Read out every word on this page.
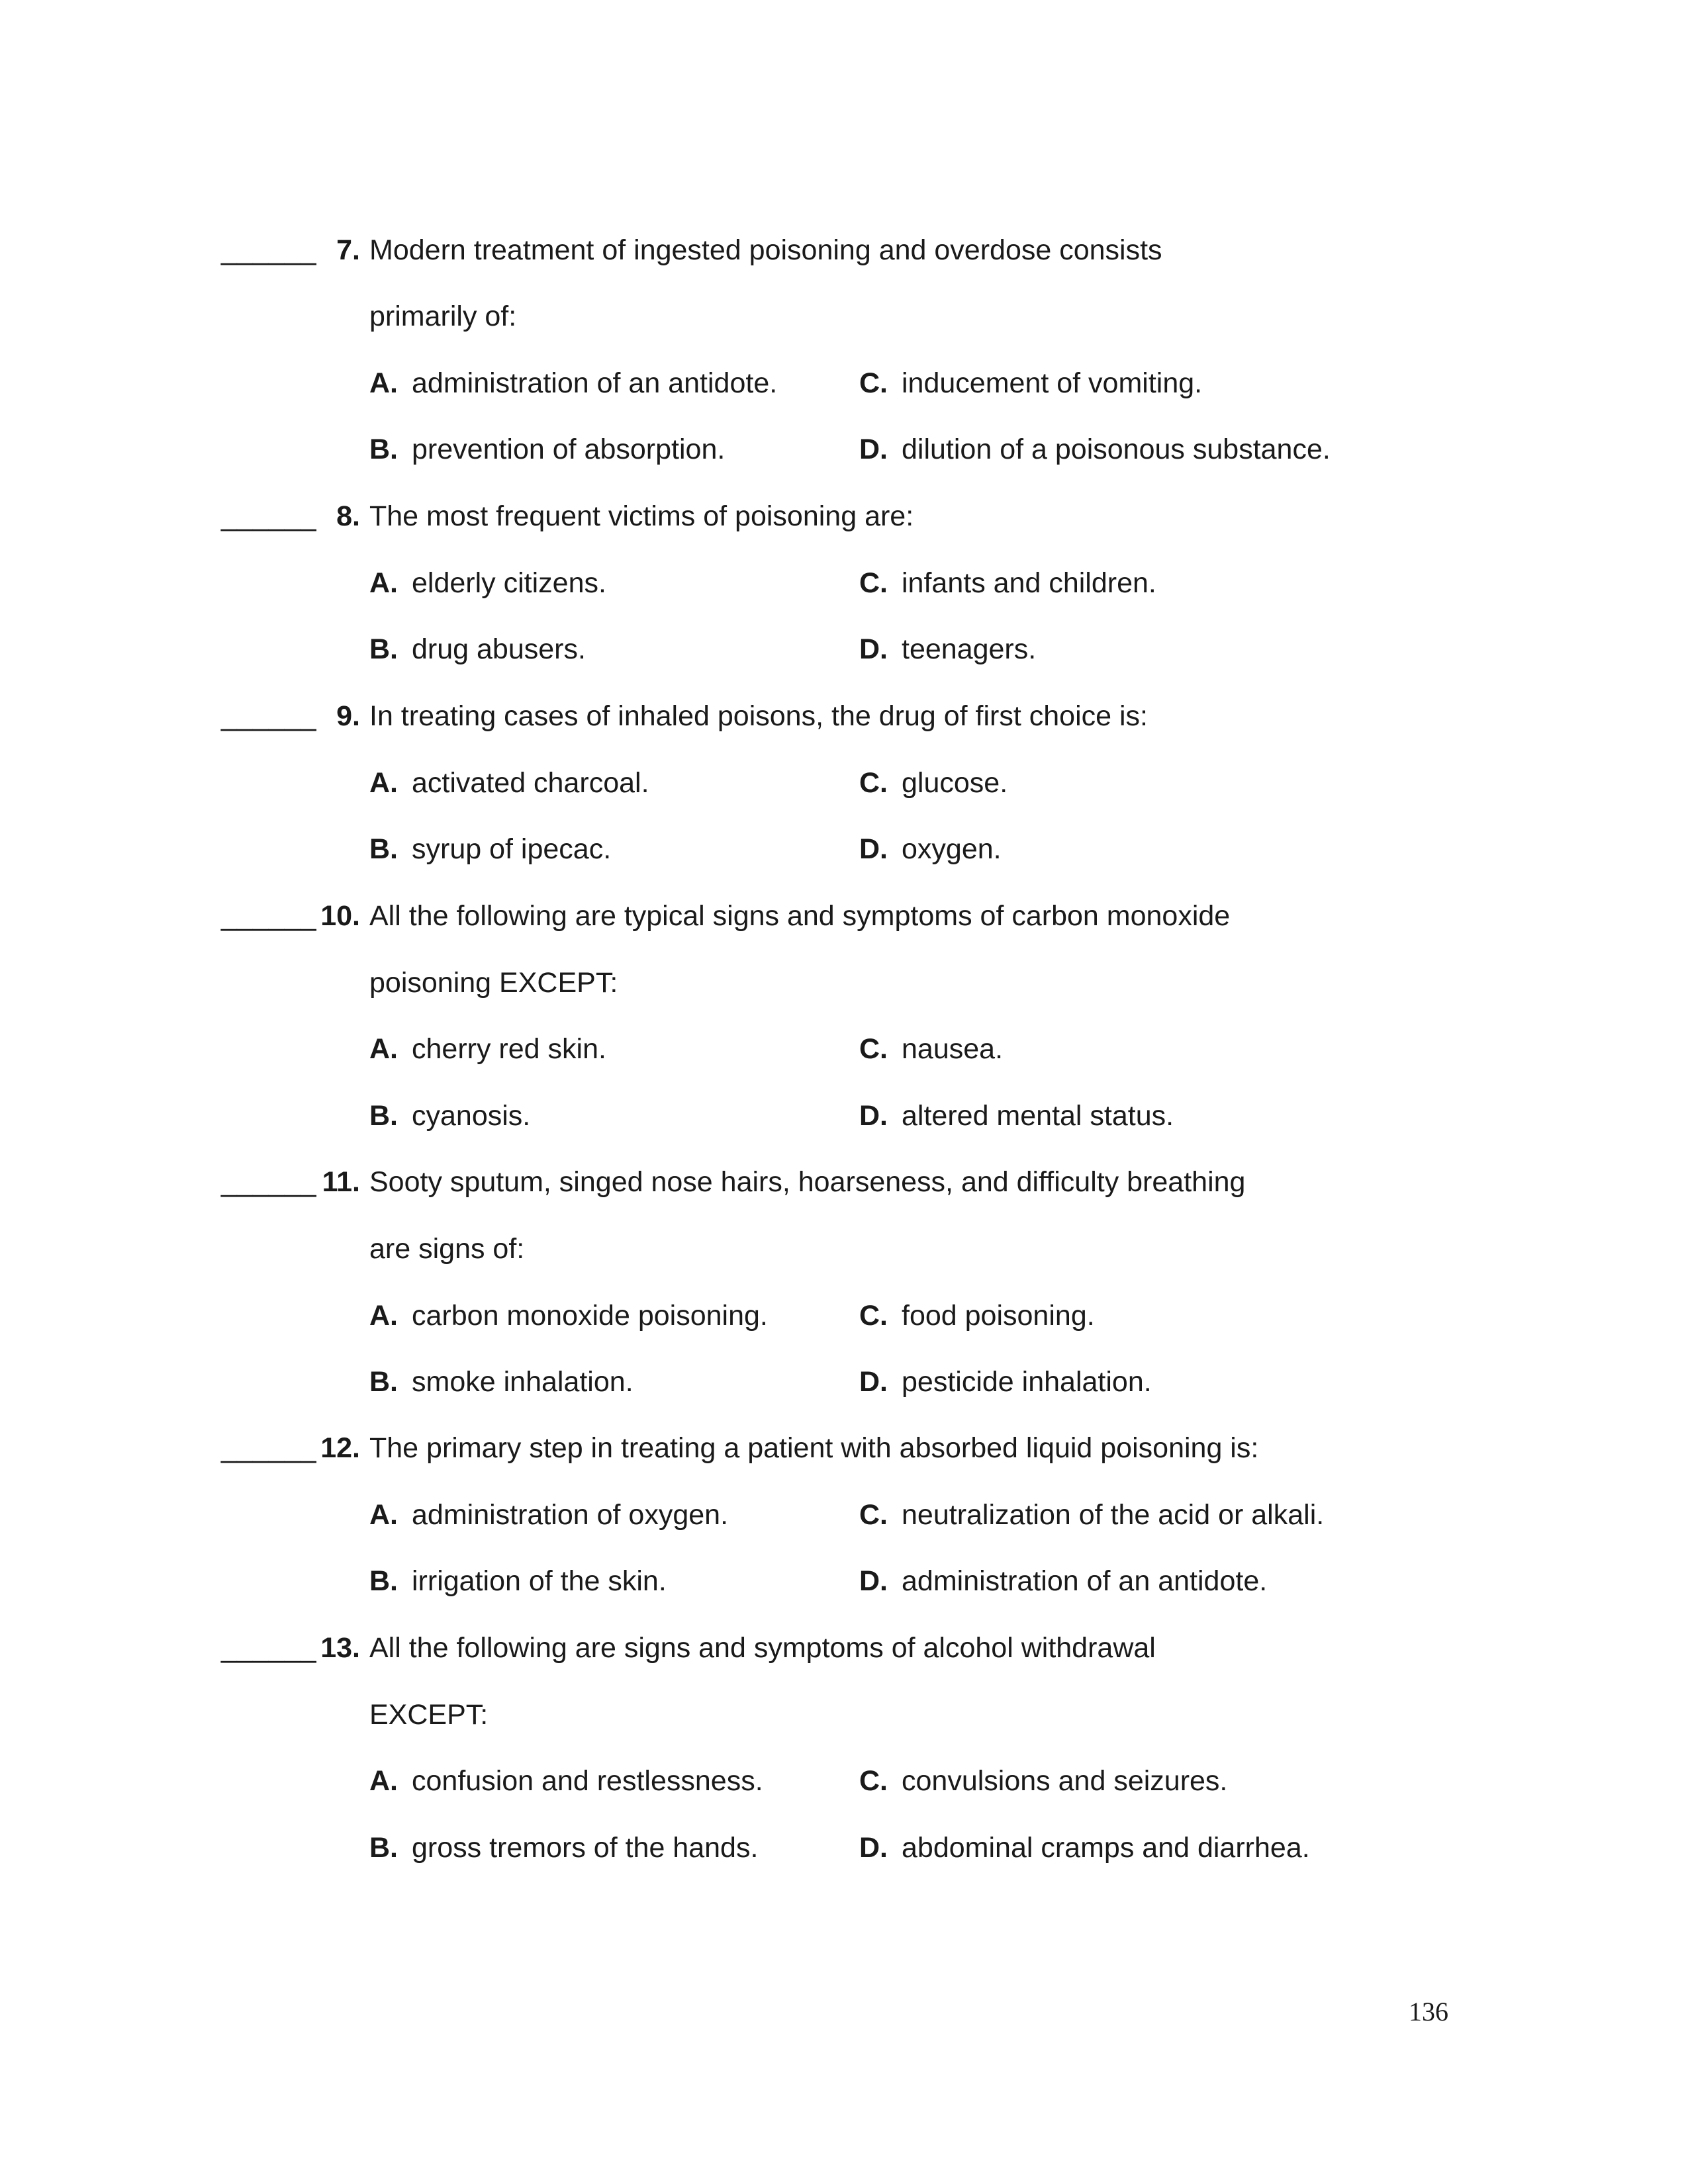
______ 7. Modern treatment of ingested poisoning and overdose consists
primarily of:
A. administration of an antidote.	C. inducement of vomiting.
B. prevention of absorption.	D. dilution of a poisonous substance.
______ 8. The most frequent victims of poisoning are:
A. elderly citizens.	C. infants and children.
B. drug abusers.	D. teenagers.
______ 9. In treating cases of inhaled poisons, the drug of first choice is:
A. activated charcoal.	C. glucose.
B. syrup of ipecac.	D. oxygen.
______ 10. All the following are typical signs and symptoms of carbon monoxide
poisoning EXCEPT:
A. cherry red skin.	C. nausea.
B. cyanosis.	D. altered mental status.
______ 11. Sooty sputum, singed nose hairs, hoarseness, and difficulty breathing
are signs of:
A. carbon monoxide poisoning.	C. food poisoning.
B. smoke inhalation.	D. pesticide inhalation.
______ 12. The primary step in treating a patient with absorbed liquid poisoning is:
A. administration of oxygen.	C. neutralization of the acid or alkali.
B. irrigation of the skin.	D. administration of an antidote.
______ 13. All the following are signs and symptoms of alcohol withdrawal
EXCEPT:
A. confusion and restlessness.	C. convulsions and seizures.
B. gross tremors of the hands.	D. abdominal cramps and diarrhea.
136
